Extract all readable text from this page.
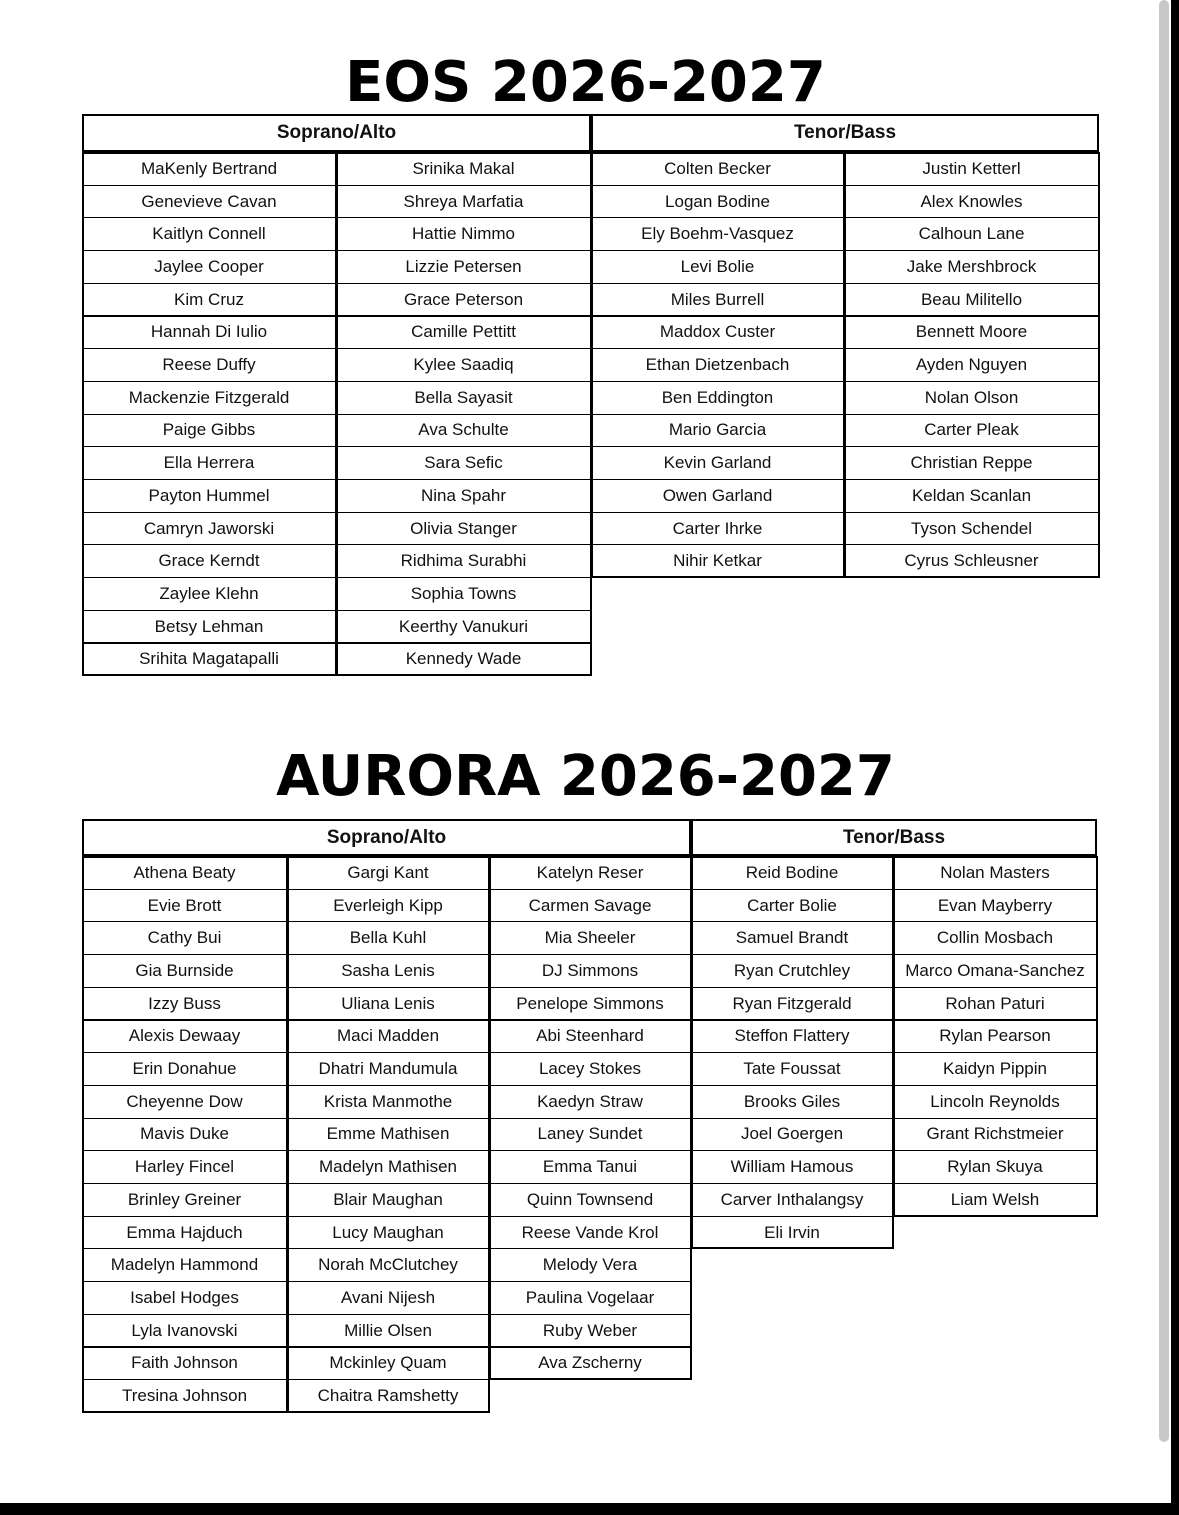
EOS 2026-2027
Soprano/Alto
MaKenly Bertrand
Genevieve Cavan
Kaitlyn Connell
Jaylee Cooper
Kim Cruz
Hannah Di Iulio
Reese Duffy
Mackenzie Fitzgerald
Paige Gibbs
Ella Herrera
Payton Hummel
Camryn Jaworski
Grace Kerndt
Zaylee Klehn
Betsy Lehman
Srihita Magatapalli
Srinika Makal
Shreya Marfatia
Hattie Nimmo
Lizzie Petersen
Grace Peterson
Camille Pettitt
Kylee Saadiq
Bella Sayasit
Ava Schulte
Sara Sefic
Nina Spahr
Olivia Stanger
Ridhima Surabhi
Sophia Towns
Keerthy Vanukuri
Kennedy Wade
Tenor/Bass
Colten Becker
Logan Bodine
Ely Boehm-Vasquez
Levi Bolie
Miles Burrell
Maddox Custer
Ethan Dietzenbach
Ben Eddington
Mario Garcia
Kevin Garland
Owen Garland
Carter Ihrke
Nihir Ketkar
Justin Ketterl
Alex Knowles
Calhoun Lane
Jake Mershbrock
Beau Militello
Bennett Moore
Ayden Nguyen
Nolan Olson
Carter Pleak
Christian Reppe
Keldan Scanlan
Tyson Schendel
Cyrus Schleusner
AURORA 2026-2027
Soprano/Alto
Athena Beaty
Evie Brott
Cathy Bui
Gia Burnside
Izzy Buss
Alexis Dewaay
Erin Donahue
Cheyenne Dow
Mavis Duke
Harley Fincel
Brinley Greiner
Emma Hajduch
Madelyn Hammond
Isabel Hodges
Lyla Ivanovski
Faith Johnson
Tresina Johnson
Gargi Kant
Everleigh Kipp
Bella Kuhl
Sasha Lenis
Uliana Lenis
Maci Madden
Dhatri Mandumula
Krista Manmothe
Emme Mathisen
Madelyn Mathisen
Blair Maughan
Lucy Maughan
Norah McClutchey
Avani Nijesh
Millie Olsen
Mckinley Quam
Chaitra Ramshetty
Katelyn Reser
Carmen Savage
Mia Sheeler
DJ Simmons
Penelope Simmons
Abi Steenhard
Lacey Stokes
Kaedyn Straw
Laney Sundet
Emma Tanui
Quinn Townsend
Reese Vande Krol
Melody Vera
Paulina Vogelaar
Ruby Weber
Ava Zscherny
Tenor/Bass
Reid Bodine
Carter Bolie
Samuel Brandt
Ryan Crutchley
Ryan Fitzgerald
Steffon Flattery
Tate Foussat
Brooks Giles
Joel Goergen
William Hamous
Carver Inthalangsy
Eli Irvin
Nolan Masters
Evan Mayberry
Collin Mosbach
Marco Omana-Sanchez
Rohan Paturi
Rylan Pearson
Kaidyn Pippin
Lincoln Reynolds
Grant Richstmeier
Rylan Skuya
Liam Welsh
